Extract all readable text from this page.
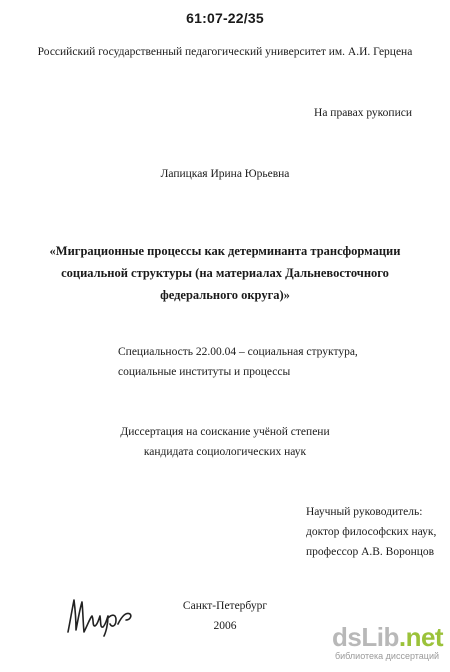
61:07-22/35
Российский государственный педагогический университет им. А.И. Герцена
На правах рукописи
Лапицкая Ирина Юрьевна
«Миграционные процессы как детерминанта трансформации
социальной структуры (на материалах Дальневосточного
федерального округа)»
Специальность 22.00.04 – социальная структура,
социальные институты и процессы
Диссертация на соискание учёной степени
кандидата социологических наук
Научный руководитель:
доктор философских наук,
профессор А.В. Воронцов
Санкт-Петербург
2006	dsLib.net
библиотека диссертаций
